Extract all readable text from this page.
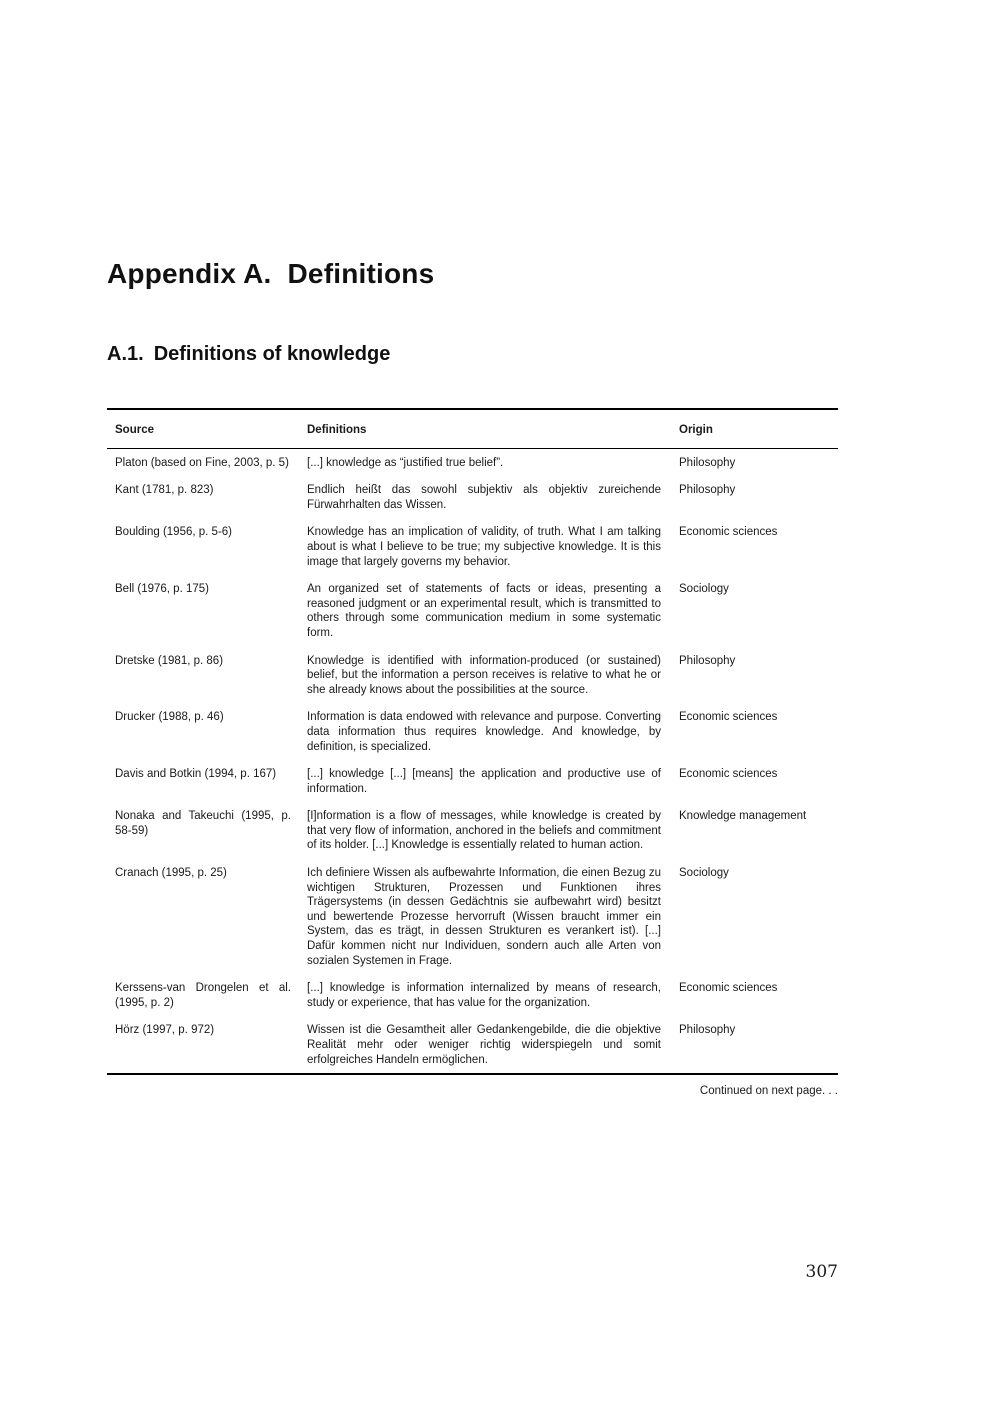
Appendix A. Definitions
A.1. Definitions of knowledge
Source	Definitions	Origin
Platon (based on Fine, 2003, p. 5)	[...] knowledge as “justified true belief”.	Philosophy
Kant (1781, p. 823)	Endlich heißt das sowohl subjektiv als objektiv zureichende Fürwahrhalten das Wissen.	Philosophy
Boulding (1956, p. 5-6)	Knowledge has an implication of validity, of truth. What I am talking about is what I believe to be true; my subjective knowledge. It is this image that largely governs my behavior.	Economic sciences
Bell (1976, p. 175)	An organized set of statements of facts or ideas, presenting a reasoned judgment or an experimental result, which is transmitted to others through some communication medium in some systematic form.	Sociology
Dretske (1981, p. 86)	Knowledge is identified with information-produced (or sustained) belief, but the information a person receives is relative to what he or she already knows about the possibilities at the source.	Philosophy
Drucker (1988, p. 46)	Information is data endowed with relevance and purpose. Converting data information thus requires knowledge. And knowledge, by definition, is specialized.	Economic sciences
Davis and Botkin (1994, p. 167)	[...] knowledge [...] [means] the application and productive use of information.	Economic sciences
Nonaka and Takeuchi (1995, p. 58-59)	[I]nformation is a flow of messages, while knowledge is created by that very flow of information, anchored in the beliefs and commitment of its holder. [...] Knowledge is essentially related to human action.	Knowledge management
Cranach (1995, p. 25)	Ich definiere Wissen als aufbewahrte Information, die einen Bezug zu wichtigen Strukturen, Prozessen und Funktionen ihres Trägersystems (in dessen Gedächtnis sie aufbewahrt wird) besitzt und bewertende Prozesse hervorruft (Wissen braucht immer ein System, das es trägt, in dessen Strukturen es verankert ist). [...] Dafür kommen nicht nur Individuen, sondern auch alle Arten von sozialen Systemen in Frage.	Sociology
Kerssens-van Drongelen et al. (1995, p. 2)	[...] knowledge is information internalized by means of research, study or experience, that has value for the organization.	Economic sciences
Hörz (1997, p. 972)	Wissen ist die Gesamtheit aller Gedankengebilde, die die objektive Realität mehr oder weniger richtig widerspiegeln und somit erfolgreiches Handeln ermöglichen.	Philosophy
Continued on next page. . .
307
